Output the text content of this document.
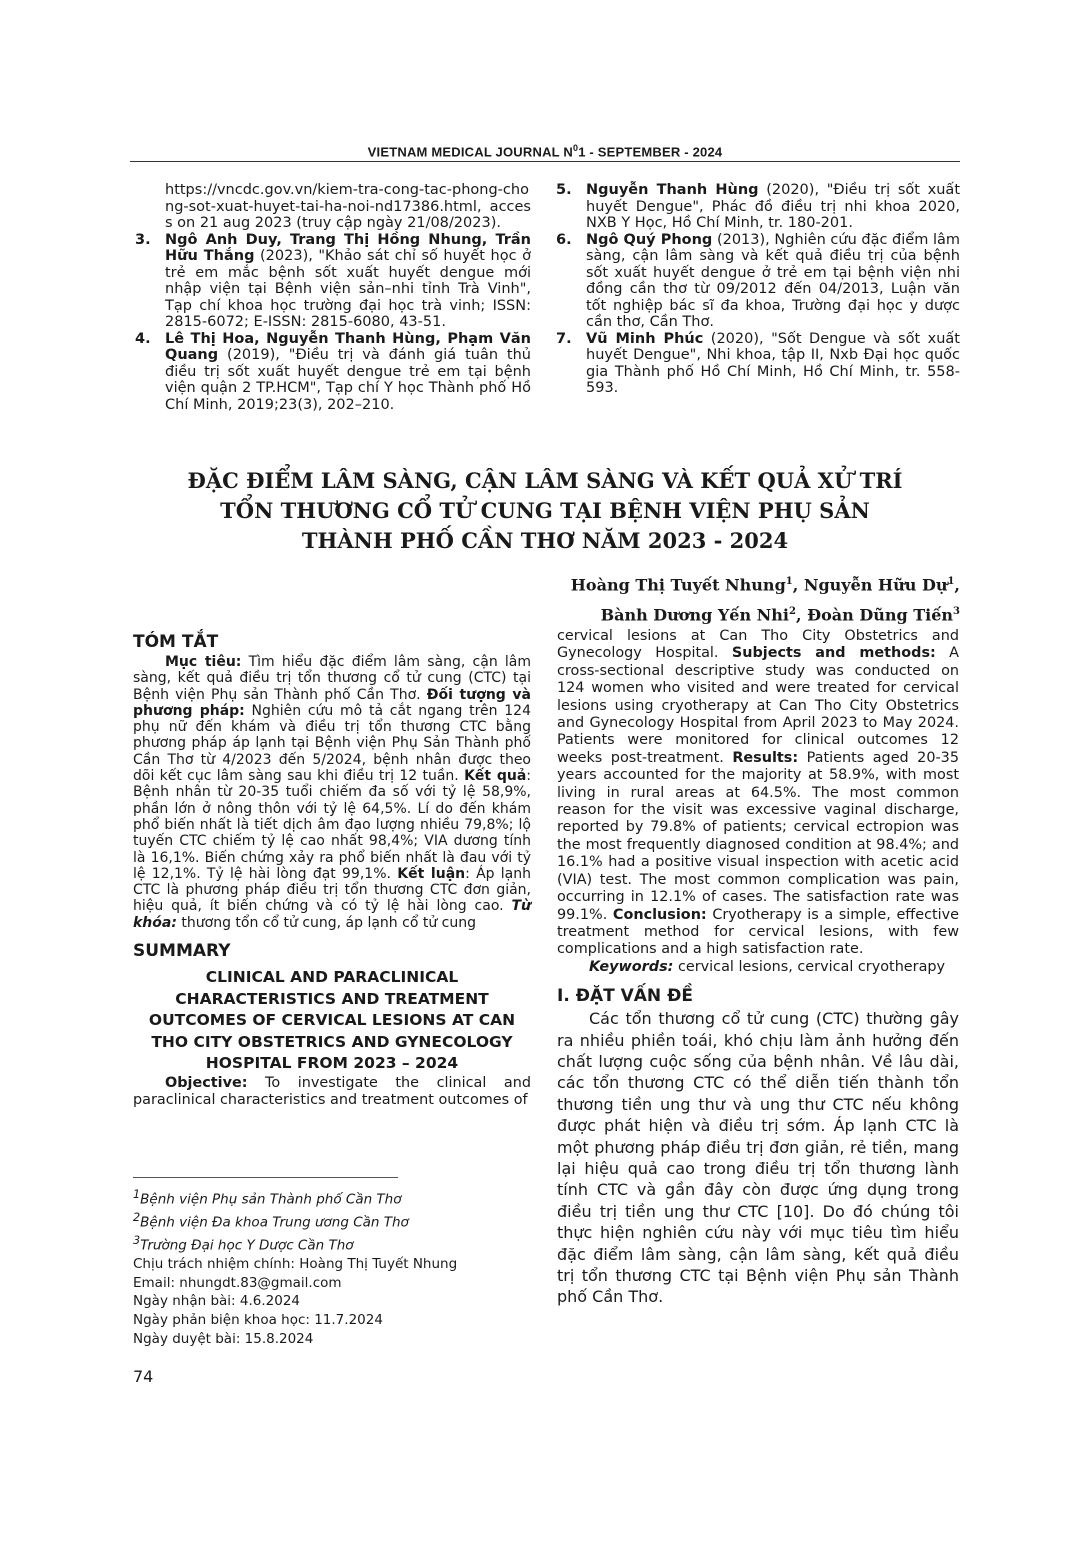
VIETNAM MEDICAL JOURNAL $N^01$ - SEPTEMBER - 2024
https://vncdc.gov.vn/kiem-tra-cong-tac-phong-chong-sot-xuat-huyet-tai-ha-noi-nd17386.html, access on 21 aug 2023 (truy cập ngày 21/08/2023).
3. Ngô Anh Duy, Trang Thị Hồng Nhung, Trần Hữu Thắng (2023), "Khảo sát chỉ số huyết học ở trẻ em mắc bệnh sốt xuất huyết dengue mới nhập viện tại Bệnh viện sản–nhi tỉnh Trà Vinh", Tạp chí khoa học trường đại học trà vinh; ISSN: 2815-6072; E-ISSN: 2815-6080, 43-51.
4. Lê Thị Hoa, Nguyễn Thanh Hùng, Phạm Văn Quang (2019), "Điều trị và đánh giá tuân thủ điều trị sốt xuất huyết dengue trẻ em tại bệnh viện quận 2 TP.HCM", Tạp chí Y học Thành phố Hồ Chí Minh, 2019;23(3), 202–210.
5. Nguyễn Thanh Hùng (2020), "Điều trị sốt xuất huyết Dengue", Phác đồ điều trị nhi khoa 2020, NXB Y Học, Hồ Chí Minh, tr. 180-201.
6. Ngô Quý Phong (2013), Nghiên cứu đặc điểm lâm sàng, cận lâm sàng và kết quả điều trị của bệnh sốt xuất huyết dengue ở trẻ em tại bệnh viện nhi đồng cần thơ từ 09/2012 đến 04/2013, Luận văn tốt nghiệp bác sĩ đa khoa, Trường đại học y dược cần thơ, Cần Thơ.
7. Vũ Minh Phúc (2020), "Sốt Dengue và sốt xuất huyết Dengue", Nhi khoa, tập II, Nxb Đại học quốc gia Thành phố Hồ Chí Minh, Hồ Chí Minh, tr. 558-593.
ĐẶC ĐIỂM LÂM SÀNG, CẬN LÂM SÀNG VÀ KẾT QUẢ XỬ TRÍ
TỔN THƯƠNG CỔ TỬ CUNG TẠI BỆNH VIỆN PHỤ SẢN
THÀNH PHỐ CẦN THƠ NĂM 2023 - 2024
Hoàng Thị Tuyết Nhung$^1$, Nguyễn Hữu Dự$^1$,
Bành Dương Yến Nhi$^2$, Đoàn Dũng Tiến$^3$
TÓM TẮT
Mục tiêu: Tìm hiểu đặc điểm lâm sàng, cận lâm sàng, kết quả điều trị tổn thương cổ tử cung (CTC) tại Bệnh viện Phụ sản Thành phố Cần Thơ. Đối tượng và phương pháp: Nghiên cứu mô tả cắt ngang trên 124 phụ nữ đến khám và điều trị tổn thương CTC bằng phương pháp áp lạnh tại Bệnh viện Phụ Sản Thành phố Cần Thơ từ 4/2023 đến 5/2024, bệnh nhân được theo dõi kết cục lâm sàng sau khi điều trị 12 tuần. Kết quả: Bệnh nhân từ 20-35 tuổi chiếm đa số với tỷ lệ 58,9%, phần lớn ở nông thôn với tỷ lệ 64,5%. Lí do đến khám phổ biến nhất là tiết dịch âm đạo lượng nhiều 79,8%; lộ tuyến CTC chiếm tỷ lệ cao nhất 98,4%; VIA dương tính là 16,1%. Biến chứng xảy ra phổ biến nhất là đau với tỷ lệ 12,1%. Tỷ lệ hài lòng đạt 99,1%. Kết luận: Áp lạnh CTC là phương pháp điều trị tổn thương CTC đơn giản, hiệu quả, ít biến chứng và có tỷ lệ hài lòng cao. Từ khóa: thương tổn cổ tử cung, áp lạnh cổ tử cung
SUMMARY
CLINICAL AND PARACLINICAL CHARACTERISTICS AND TREATMENT OUTCOMES OF CERVICAL LESIONS AT CAN THO CITY OBSTETRICS AND GYNECOLOGY HOSPITAL FROM 2023 – 2024
Objective: To investigate the clinical and paraclinical characteristics and treatment outcomes of
$^1$Bệnh viện Phụ sản Thành phố Cần Thơ
$^2$Bệnh viện Đa khoa Trung ương Cần Thơ
$^3$Trường Đại học Y Dược Cần Thơ
Chịu trách nhiệm chính: Hoàng Thị Tuyết Nhung
Email: nhungdt.83@gmail.com
Ngày nhận bài: 4.6.2024
Ngày phản biện khoa học: 11.7.2024
Ngày duyệt bài: 15.8.2024
cervical lesions at Can Tho City Obstetrics and Gynecology Hospital. Subjects and methods: A cross-sectional descriptive study was conducted on 124 women who visited and were treated for cervical lesions using cryotherapy at Can Tho City Obstetrics and Gynecology Hospital from April 2023 to May 2024. Patients were monitored for clinical outcomes 12 weeks post-treatment. Results: Patients aged 20-35 years accounted for the majority at 58.9%, with most living in rural areas at 64.5%. The most common reason for the visit was excessive vaginal discharge, reported by 79.8% of patients; cervical ectropion was the most frequently diagnosed condition at 98.4%; and 16.1% had a positive visual inspection with acetic acid (VIA) test. The most common complication was pain, occurring in 12.1% of cases. The satisfaction rate was 99.1%. Conclusion: Cryotherapy is a simple, effective treatment method for cervical lesions, with few complications and a high satisfaction rate.
Keywords: cervical lesions, cervical cryotherapy
I. ĐẶT VẤN ĐỀ
Các tổn thương cổ tử cung (CTC) thường gây ra nhiều phiền toái, khó chịu làm ảnh hưởng đến chất lượng cuộc sống của bệnh nhân. Về lâu dài, các tổn thương CTC có thể diễn tiến thành tổn thương tiền ung thư và ung thư CTC nếu không được phát hiện và điều trị sớm. Áp lạnh CTC là một phương pháp điều trị đơn giản, rẻ tiền, mang lại hiệu quả cao trong điều trị tổn thương lành tính CTC và gần đây còn được ứng dụng trong điều trị tiền ung thư CTC [10]. Do đó chúng tôi thực hiện nghiên cứu này với mục tiêu tìm hiểu đặc điểm lâm sàng, cận lâm sàng, kết quả điều trị tổn thương CTC tại Bệnh viện Phụ sản Thành phố Cần Thơ.
74
